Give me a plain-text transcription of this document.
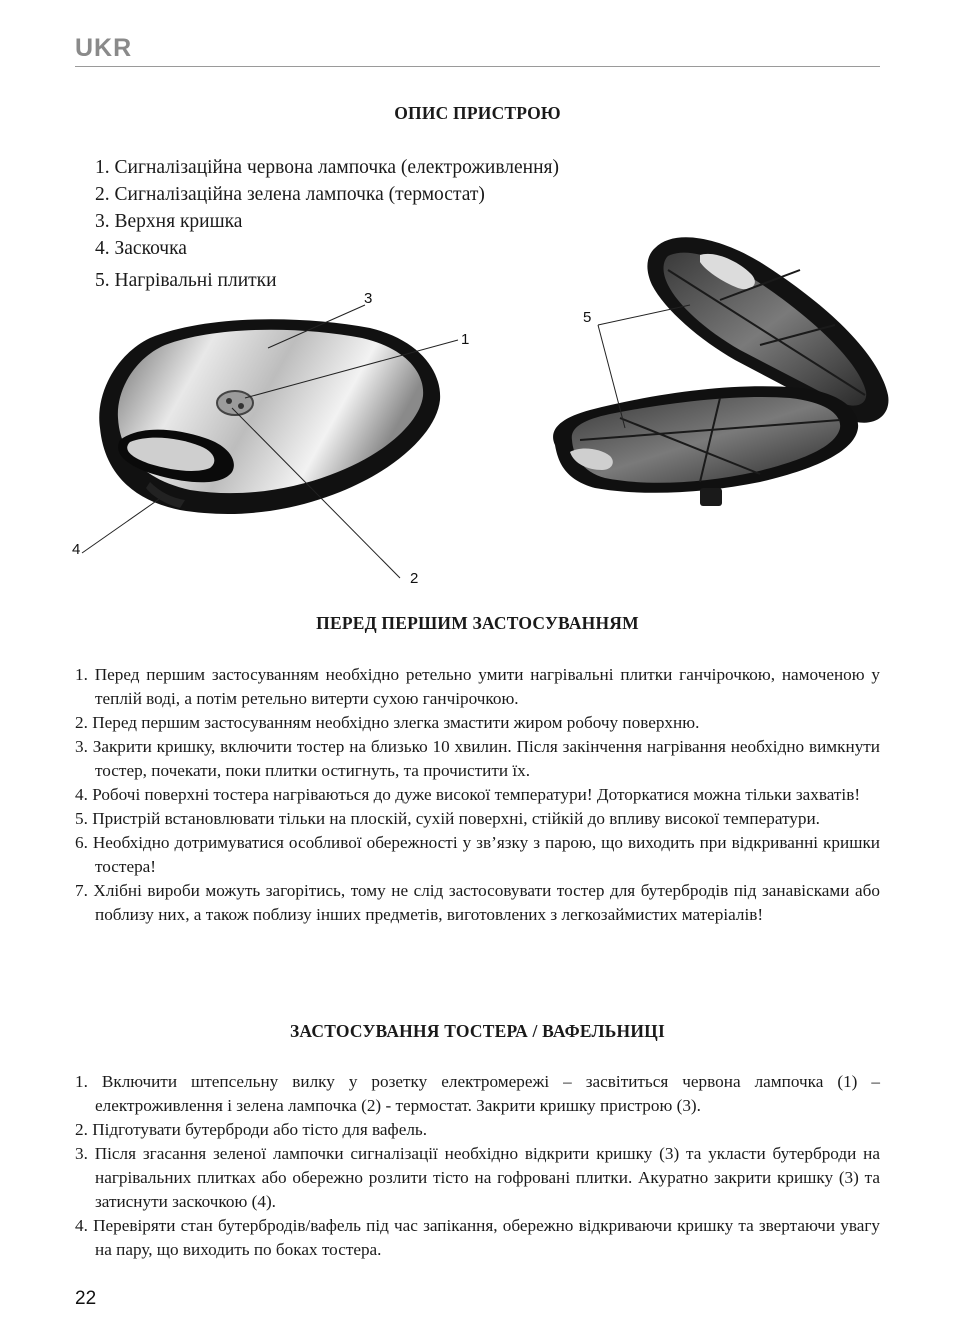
UKR
ОПИС ПРИСТРОЮ
1. Сигналізаційна червона лампочка (електроживлення)
2. Сигналізаційна зелена лампочка (термостат)
3. Верхня кришка
4. Заскочка
5. Нагрівальні плитки
3
1
2
4
5
ПЕРЕД ПЕРШИМ ЗАСТОСУВАННЯМ
1. Перед першим застосуванням необхідно ретельно умити нагрівальні плитки ганчірочкою, намоченою у теплій воді, а потім ретельно витерти сухою ганчірочкою.
2. Перед першим застосуванням необхідно злегка змастити жиром робочу поверхню.
3. Закрити кришку, включити тостер на близько 10 хвилин. Після закінчення нагрівання необхідно вимкнути тостер, почекати, поки плитки остигнуть, та прочистити їх.
4. Робочі поверхні тостера нагріваються до дуже високої температури! Доторкатися можна тільки захватів!
5. Пристрій встановлювати тільки на плоскій, сухій поверхні, стійкій до впливу високої температури.
6. Необхідно дотримуватися особливої обережності у зв’язку з парою, що виходить при відкриванні кришки тостера!
7. Хлібні вироби можуть загорітись, тому не слід застосовувати тостер для бутербродів під занавісками або поблизу них, а також поблизу інших предметів, виготовлених з легкозаймистих матеріалів!
ЗАСТОСУВАННЯ ТОСТЕРА / ВАФЕЛЬНИЦІ
1. Включити штепсельну вилку у розетку електромережі – засвітиться червона лампочка (1) – електроживлення і зелена лампочка (2) - термостат. Закрити кришку пристрою (3).
2. Підготувати бутерброди або тісто для вафель.
3. Після згасання зеленої лампочки сигналізації необхідно відкрити кришку (3) та укласти бутерброди на нагрівальних плитках або обережно розлити тісто на гофровані плитки. Акуратно закрити кришку (3) та затиснути заскочкою (4).
4. Перевіряти стан бутербродів/вафель під час запікання, обережно відкриваючи кришку та звертаючи увагу на пару, що виходить по боках тостера.
22
